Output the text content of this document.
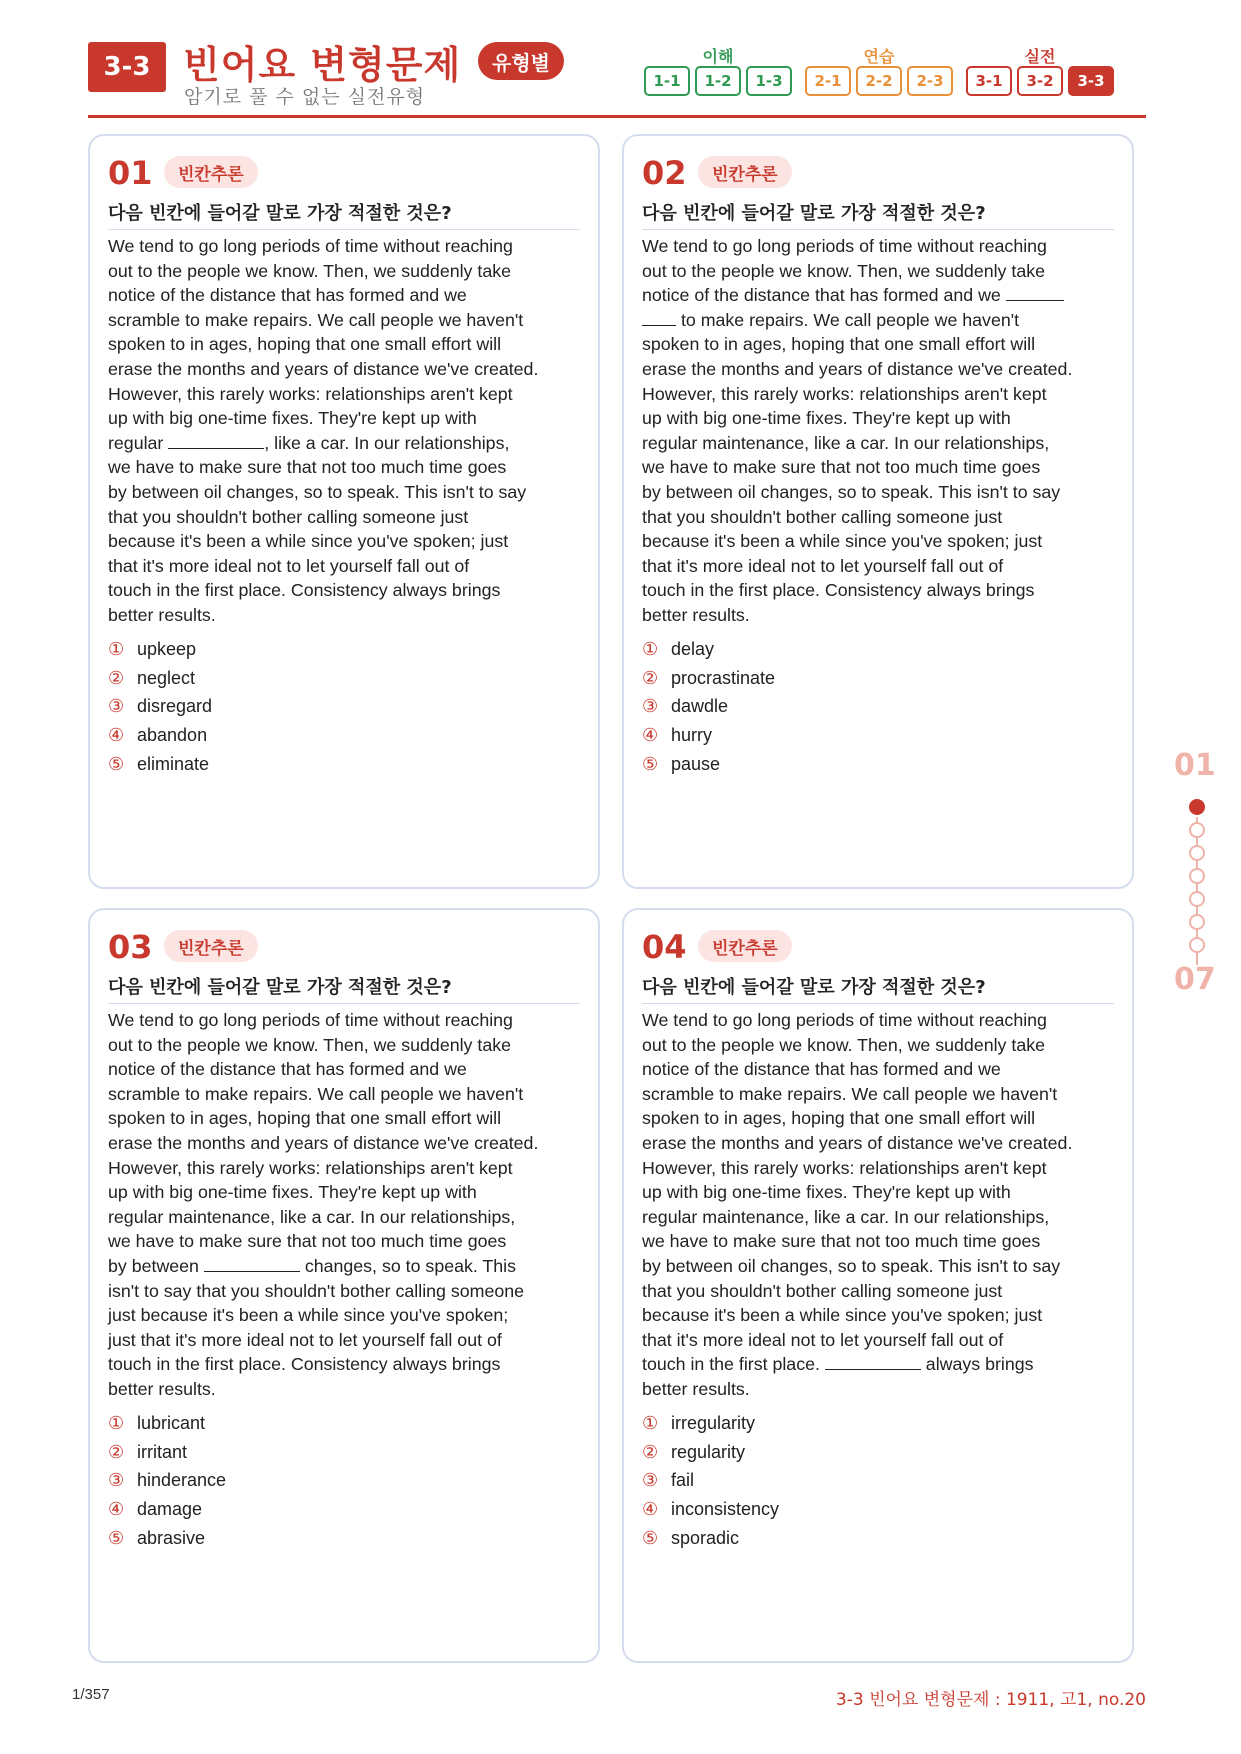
3-3 빈어요 변형문제	유형별
암기로 풀 수 없는 실전유형
이해
1-1	1-2	1-3
연습
2-1	2-2	2-3
실전
3-1	3-2	3-3
01	빈칸추론
다음 빈칸에 들어갈 말로 가장 적절한 것은?
We tend to go long periods of time without reaching
out to the people we know. Then, we suddenly take
notice of the distance that has formed and we
scramble to make repairs. We call people we haven't
spoken to in ages, hoping that one small effort will
erase the months and years of distance we've created.
However, this rarely works: relationships aren't kept
up with big one-time fixes. They're kept up with
regular	, like a car. In our relationships,
we have to make sure that not too much time goes
by between oil changes, so to speak. This isn't to say
that you shouldn't bother calling someone just
because it's been a while since you've spoken; just
that it's more ideal not to let yourself fall out of
touch in the first place. Consistency always brings
better results.
① upkeep
② neglect
③ disregard
④ abandon
⑤ eliminate
02	빈칸추론
다음 빈칸에 들어갈 말로 가장 적절한 것은?
We tend to go long periods of time without reaching
out to the people we know. Then, we suddenly take
notice of the distance that has formed and we
to make repairs. We call people we haven't
spoken to in ages, hoping that one small effort will
erase the months and years of distance we've created.
However, this rarely works: relationships aren't kept
up with big one-time fixes. They're kept up with
regular maintenance, like a car. In our relationships,
we have to make sure that not too much time goes
by between oil changes, so to speak. This isn't to say
that you shouldn't bother calling someone just
because it's been a while since you've spoken; just
that it's more ideal not to let yourself fall out of
touch in the first place. Consistency always brings
better results.
① delay
② procrastinate
③ dawdle
④ hurry
⑤ pause
03	빈칸추론
다음 빈칸에 들어갈 말로 가장 적절한 것은?
We tend to go long periods of time without reaching
out to the people we know. Then, we suddenly take
notice of the distance that has formed and we
scramble to make repairs. We call people we haven't
spoken to in ages, hoping that one small effort will
erase the months and years of distance we've created.
However, this rarely works: relationships aren't kept
up with big one-time fixes. They're kept up with
regular maintenance, like a car. In our relationships,
we have to make sure that not too much time goes
by between	changes, so to speak. This
isn't to say that you shouldn't bother calling someone
just because it's been a while since you've spoken;
just that it's more ideal not to let yourself fall out of
touch in the first place. Consistency always brings
better results.
① lubricant
② irritant
③ hinderance
④ damage
⑤ abrasive
04	빈칸추론
다음 빈칸에 들어갈 말로 가장 적절한 것은?
We tend to go long periods of time without reaching
out to the people we know. Then, we suddenly take
notice of the distance that has formed and we
scramble to make repairs. We call people we haven't
spoken to in ages, hoping that one small effort will
erase the months and years of distance we've created.
However, this rarely works: relationships aren't kept
up with big one-time fixes. They're kept up with
regular maintenance, like a car. In our relationships,
we have to make sure that not too much time goes
by between oil changes, so to speak. This isn't to say
that you shouldn't bother calling someone just
because it's been a while since you've spoken; just
that it's more ideal not to let yourself fall out of
touch in the first place.	always brings
better results.
① irregularity
② regularity
③ fail
④ inconsistency
⑤ sporadic
01
07
1/357	3-3 빈어요 변형문제 : 1911, 고1, no.20
